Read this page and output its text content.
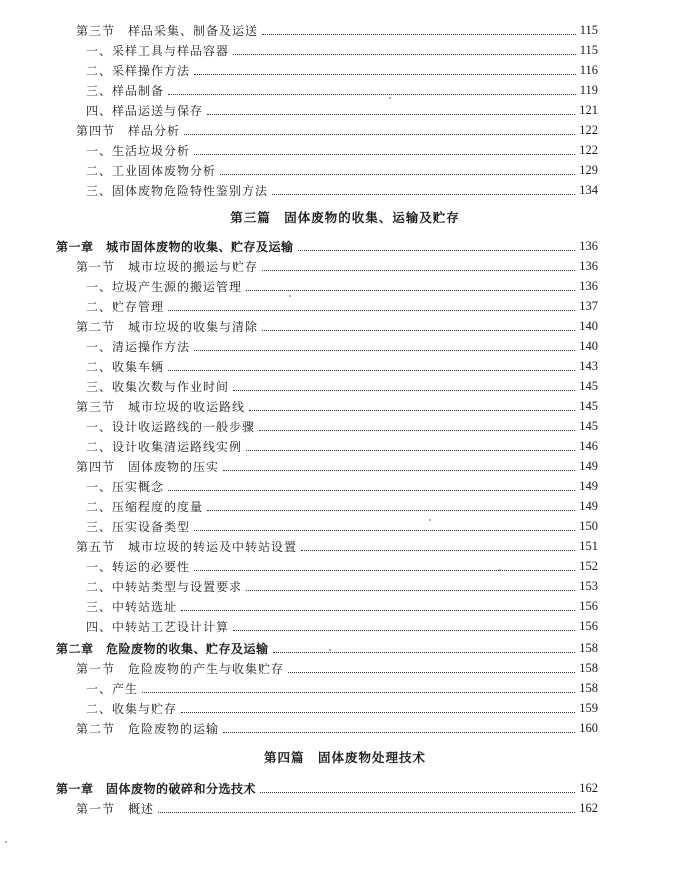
第三节　样品采集、制备及运送	115
一、采样工具与样品容器	115
二、采样操作方法	116
三、样品制备	119
四、样品运送与保存	121
第四节　样品分析	122
一、生活垃圾分析	122
二、工业固体废物分析	129
三、固体废物危险特性鉴别方法	134
第三篇　固体废物的收集、运输及贮存
第一章　城市固体废物的收集、贮存及运输	136
第一节　城市垃圾的搬运与贮存	136
一、垃圾产生源的搬运管理	136
二、贮存管理	137
第二节　城市垃圾的收集与清除	140
一、清运操作方法	140
二、收集车辆	143
三、收集次数与作业时间	145
第三节　城市垃圾的收运路线	145
一、设计收运路线的一般步骤	145
二、设计收集清运路线实例	146
第四节　固体废物的压实	149
一、压实概念	149
二、压缩程度的度量	149
三、压实设备类型	150
第五节　城市垃圾的转运及中转站设置	151
一、转运的必要性	152
二、中转站类型与设置要求	153
三、中转站选址	156
四、中转站工艺设计计算	156
第二章　危险废物的收集、贮存及运输	158
第一节　危险废物的产生与收集贮存	158
一、产生	158
二、收集与贮存	159
第二节　危险废物的运输	160
第四篇　固体废物处理技术
第一章　固体废物的破碎和分选技术	162
第一节　概述	162
